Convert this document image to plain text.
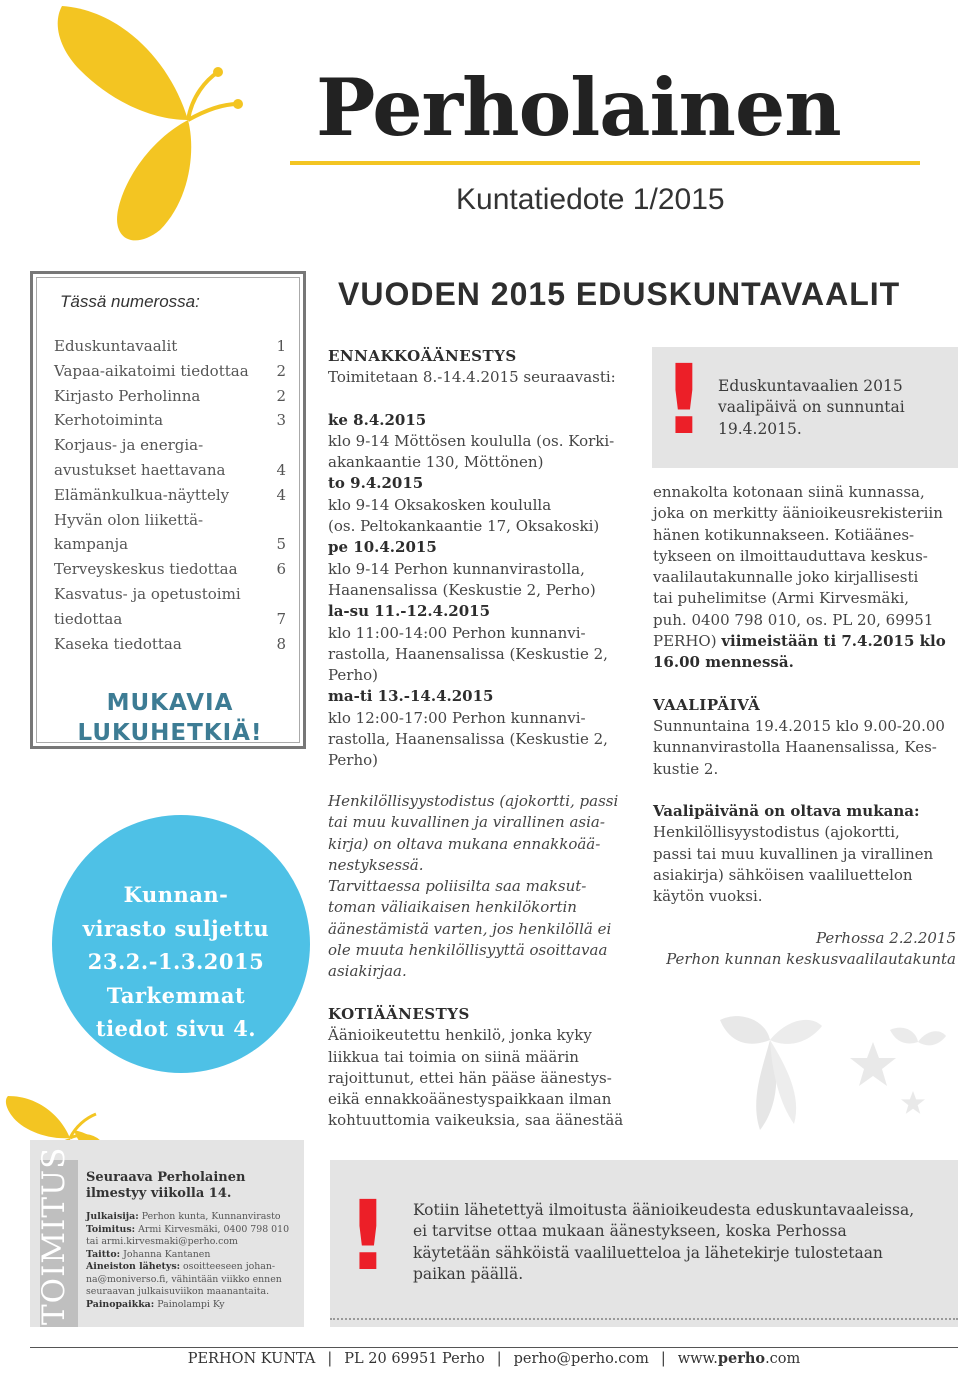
Perholainen
Kuntatiedote 1/2015
Tässä numerossa:
Eduskuntavaalit	1
Vapaa-aikatoimi tiedottaa 2
Kirjasto Perholinna	2
Kerhotoiminta	3
Korjaus- ja energia-
avustukset haettavana	4
Elämänkulkua-näyttely	4
Hyvän olon liikettä-
kampanja	5
Terveyskeskus tiedottaa	6
Kasvatus- ja opetustoimi
tiedottaa	7
Kaseka tiedottaa	8
MUKAVIA
LUKUHETKIÄ!
Kunnan-
virasto suljettu
23.2.-1.3.2015
Tarkemmat
tiedot sivu 4.
VUODEN 2015 EDUSKUNTAVAALIT
ENNAKKOÄÄNESTYS
Toimitetaan 8.-14.4.2015 seuraavasti:
ke 8.4.2015
klo 9-14 Möttösen koululla (os. Korki-
akankaantie 130, Möttönen)
to 9.4.2015
klo 9-14 Oksakosken koululla
(os. Peltokankaantie 17, Oksakoski)
pe 10.4.2015
klo 9-14 Perhon kunnanvirastolla,
Haanensalissa (Keskustie 2, Perho)
la-su 11.-12.4.2015
klo 11:00-14:00 Perhon kunnanvi-
rastolla, Haanensalissa (Keskustie 2,
Perho)
ma-ti 13.-14.4.2015
klo 12:00-17:00 Perhon kunnanvi-
rastolla, Haanensalissa (Keskustie 2,
Perho)
Henkilöllisyystodistus (ajokortti, passi
tai muu kuvallinen ja virallinen asia-
kirja) on oltava mukana ennakkoää-
nestyksessä.
Tarvittaessa poliisilta saa maksut-
toman väliaikaisen henkilökortin
äänestämistä varten, jos henkilöllä ei
ole muuta henkilöllisyyttä osoittavaa
asiakirjaa.
KOTIÄÄNESTYS
Äänioikeutettu henkilö, jonka kyky
liikkua tai toimia on siinä määrin
rajoittunut, ettei hän pääse äänestys-
eikä ennakkoäänestyspaikkaan ilman
kohtuuttomia vaikeuksia, saa äänestää
! Eduskuntavaalien 2015
vaalipäivä on sunnuntai
19.4.2015.
ennakolta kotonaan siinä kunnassa,
joka on merkitty äänioikeusrekisteriin
hänen kotikunnakseen. Kotiäänes-
tykseen on ilmoittauduttava keskus-
vaalilautakunnalle joko kirjallisesti
tai puhelimitse (Armi Kirvesmäki,
puh. 0400 798 010, os. PL 20, 69951
PERHO) viimeistään ti 7.4.2015 klo
16.00 mennessä.
VAALIPÄIVÄ
Sunnuntaina 19.4.2015 klo 9.00-20.00
kunnanvirastolla Haanensalissa, Kes-
kustie 2.
Vaalipäivänä on oltava mukana:
Henkilöllisyystodistus (ajokortti,
passi tai muu kuvallinen ja virallinen
asiakirja) sähköisen vaaliluettelon
käytön vuoksi.
Perhossa 2.2.2015
Perhon kunnan keskusvaalilautakunta
TOIMITUS Seuraava Perholainen
ilmestyy viikolla 14.
Julkaisija: Perhon kunta, Kunnanvirasto
Toimitus: Armi Kirvesmäki, 0400 798 010 tai armi.kirvesmaki@perho.com
Taitto: Johanna Kantanen
Aineiston lähetys: osoitteeseen johan-na@moniverso.fi, vähintään viikko ennen seuraavan julkaisuviikon maanantaita.
Painopaikka: Painolampi Ky
! Kotiin lähetettyä ilmoitusta äänioikeudesta eduskuntavaaleissa,
ei tarvitse ottaa mukaan äänestykseen, koska Perhossa
käytetään sähköistä vaaliluetteloa ja lähetekirje tulostetaan
paikan päällä.
PERHON KUNTA | PL 20 69951 Perho | perho@perho.com | www.perho.com
